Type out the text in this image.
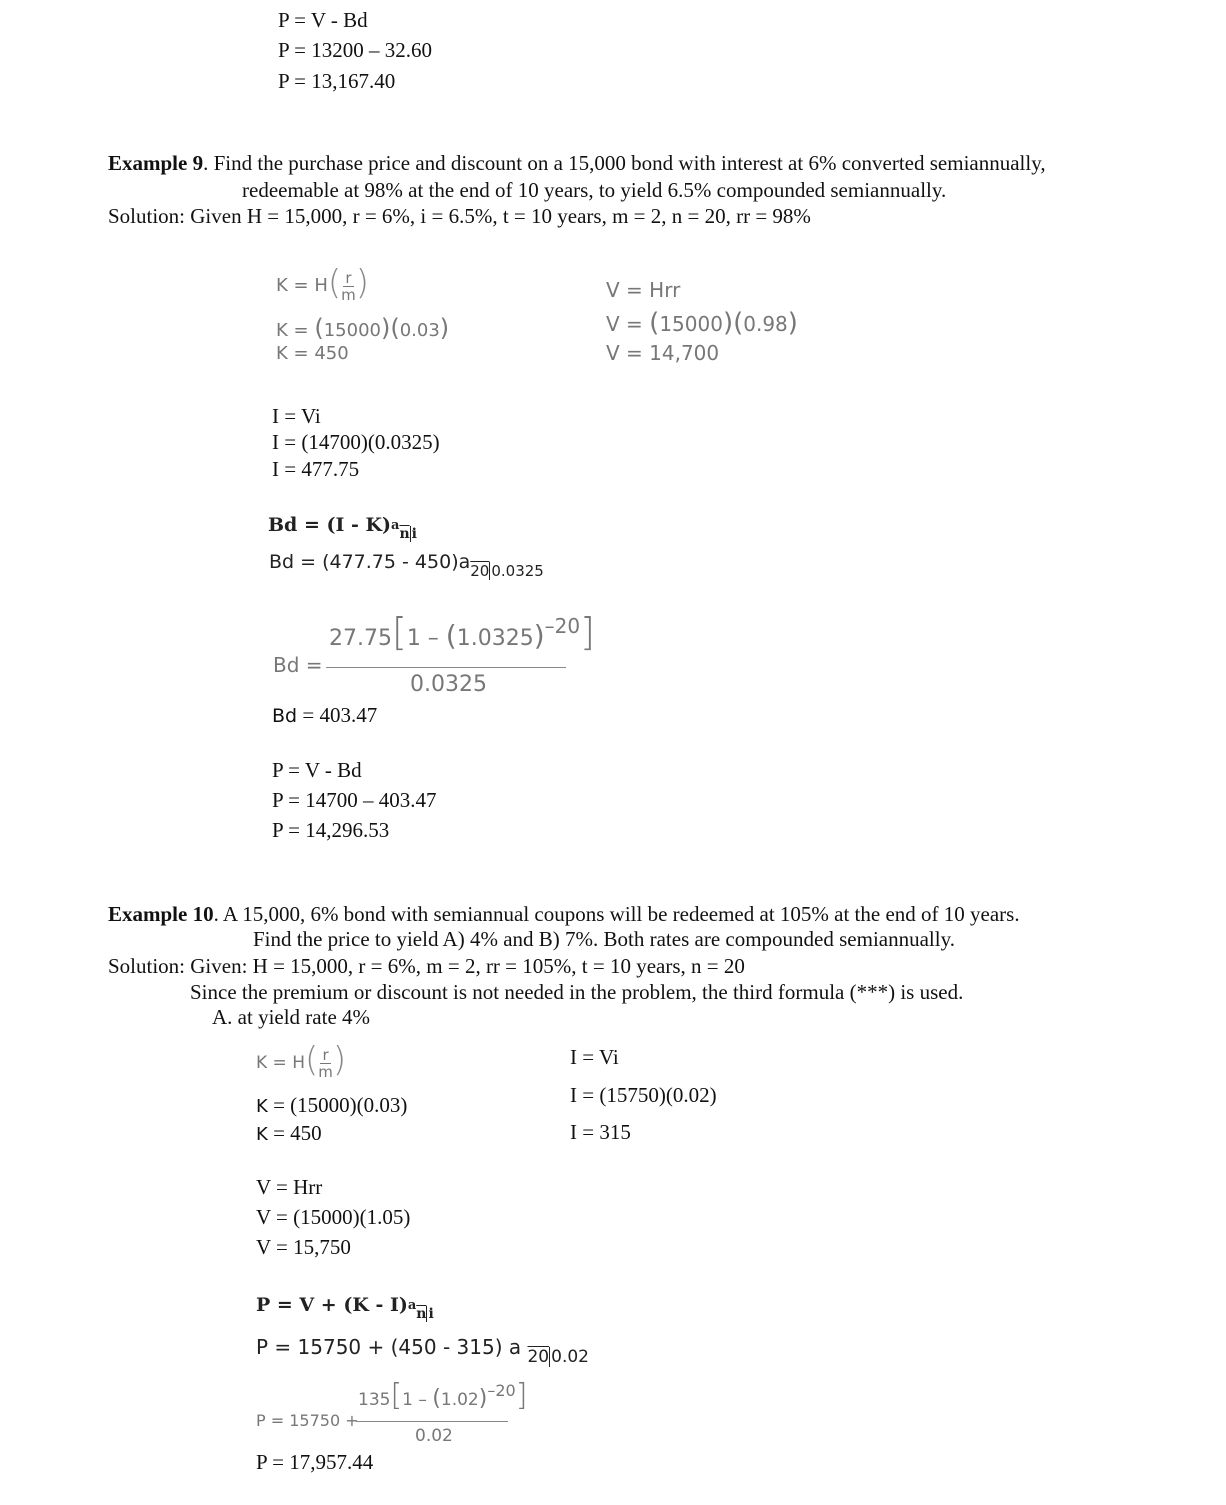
P = V - Bd
P = 13200 – 32.60
P = 13,167.40
Example 9. Find the purchase price and discount on a 15,000 bond with interest at 6% converted semiannually,
redeemable at 98% at the end of 10 years, to yield 6.5% compounded semiannually.
Solution: Given H = 15,000, r = 6%, i = 6.5%, t = 10 years, m = 2, n = 20, rr = 98%
$K = H( \frac{r}{m}$ )
K = (15000)(0.03)
K = 450
V = Hrr
V = (15000)(0.98)
V = 14,700
I = Vi
I = (14700)(0.0325)
I = 477.75
$Bd = (I - K)a_{\overline{n}}$ $_i$
$Bd = (477.75 - 450)a_{20}$ $_{0.0325}$
Bd =
27.75[1 – (1.0325)–20]
0.0325
Bd = 403.47
P = V - Bd
P = 14700 – 403.47
P = 14,296.53
Example 10. A 15,000, 6% bond with semiannual coupons will be redeemed at 105% at the end of 10 years.
Find the price to yield A) 4% and B) 7%. Both rates are compounded semiannually.
Solution: Given: H = 15,000, r = 6%, m = 2, rr = 105%, t = 10 years, n = 20
Since the premium or discount is not needed in the problem, the third formula (***) is used.
A. at yield rate 4%
$K = H( \frac{r}{m}$ )
K = (15000)(0.03)
K = 450
I = Vi
I = (15750)(0.02)
I = 315
V = Hrr
V = (15000)(1.05)
V = 15,750
$P = V + (K - I)a_{\overline{n}}$ $_i$
P = 15750 + (450 - 315) a $_{20}$ $_{0.02}$
P = 15750 +
135[1 – (1.02)–20]
0.02
P = 17,957.44
